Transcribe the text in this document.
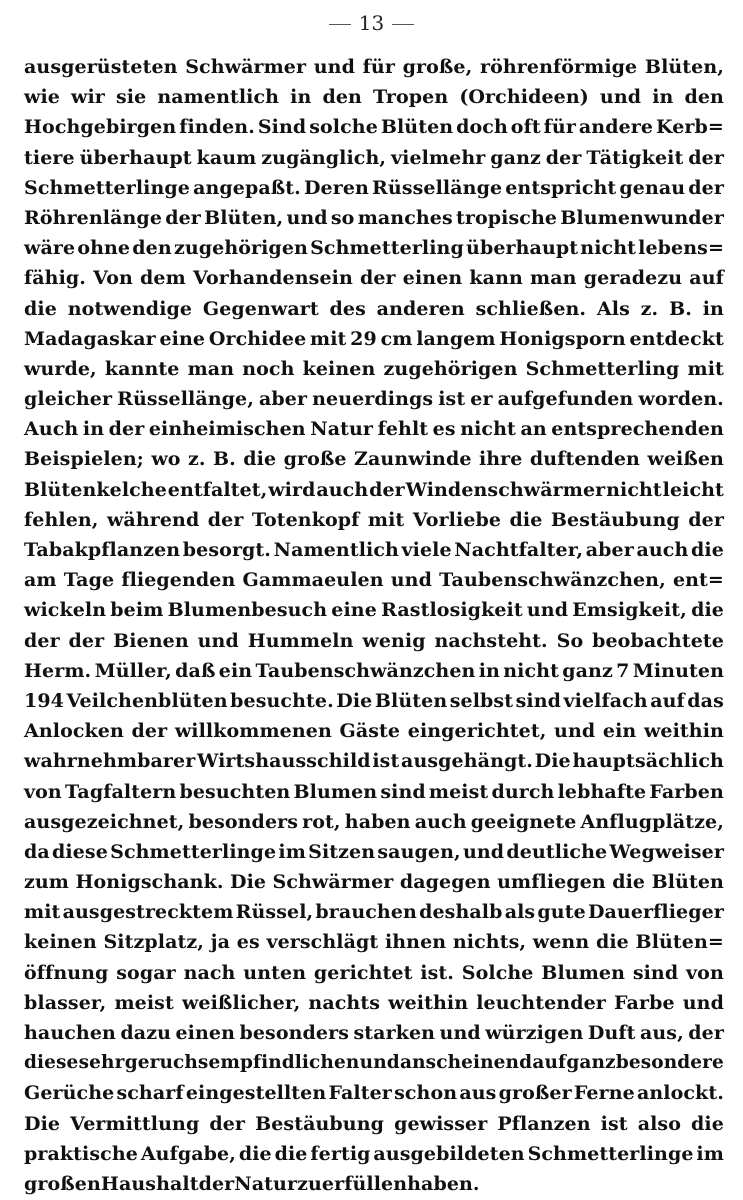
13
ausgerüsteten Schwärmer und für große, röhrenförmige Blüten,
wie wir sie namentlich in den Tropen (Orchideen) und in den
Hochgebirgen finden. Sind solche Blüten doch oft für andere Kerb=
tiere überhaupt kaum zugänglich, vielmehr ganz der Tätigkeit der
Schmetterlinge angepaßt. Deren Rüssellänge entspricht genau der
Röhrenlänge der Blüten, und so manches tropische Blumenwunder
wäre ohne den zugehörigen Schmetterling überhaupt nicht lebens=
fähig. Von dem Vorhandensein der einen kann man geradezu auf
die notwendige Gegenwart des anderen schließen. Als z. B. in
Madagaskar eine Orchidee mit 29 cm langem Honigsporn entdeckt
wurde, kannte man noch keinen zugehörigen Schmetterling mit
gleicher Rüssellänge, aber neuerdings ist er aufgefunden worden.
Auch in der einheimischen Natur fehlt es nicht an entsprechenden
Beispielen; wo z. B. die große Zaunwinde ihre duftenden weißen
Blütenkelche entfaltet, wird auch der Windenschwärmer nicht leicht
fehlen, während der Totenkopf mit Vorliebe die Bestäubung der
Tabakpflanzen besorgt. Namentlich viele Nachtfalter, aber auch die
am Tage fliegenden Gammaeulen und Taubenschwänzchen, ent=
wickeln beim Blumenbesuch eine Rastlosigkeit und Emsigkeit, die
der der Bienen und Hummeln wenig nachsteht. So beobachtete
Herm. Müller, daß ein Taubenschwänzchen in nicht ganz 7 Minuten
194 Veilchenblüten besuchte. Die Blüten selbst sind vielfach auf das
Anlocken der willkommenen Gäste eingerichtet, und ein weithin
wahrnehmbarer Wirtshausschild ist ausgehängt. Die hauptsächlich
von Tagfaltern besuchten Blumen sind meist durch lebhafte Farben
ausgezeichnet, besonders rot, haben auch geeignete Anflugplätze,
da diese Schmetterlinge im Sitzen saugen, und deutliche Wegweiser
zum Honigschank. Die Schwärmer dagegen umfliegen die Blüten
mit ausgestrecktem Rüssel, brauchen deshalb als gute Dauerflieger
keinen Sitzplatz, ja es verschlägt ihnen nichts, wenn die Blüten=
öffnung sogar nach unten gerichtet ist. Solche Blumen sind von
blasser, meist weißlicher, nachts weithin leuchtender Farbe und
hauchen dazu einen besonders starken und würzigen Duft aus, der
diese sehr geruchsempfindlichen und anscheinend auf ganz besondere
Gerüche scharf eingestellten Falter schon aus großer Ferne anlockt.
Die Vermittlung der Bestäubung gewisser Pflanzen ist also die
praktische Aufgabe, die die fertig ausgebildeten Schmetterlinge im
großen Haushalt der Natur zu erfüllen haben.
